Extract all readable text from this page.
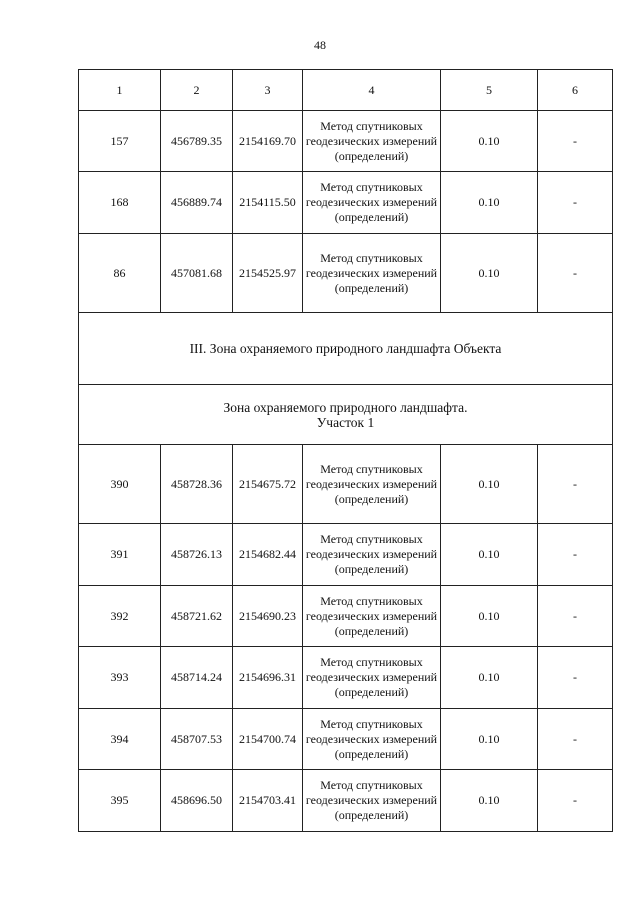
48
1	2	3	4	5	6
157	456789.35	2154169.70	Метод спутниковых геодезических измерений (определений)	0.10	-
168	456889.74	2154115.50	Метод спутниковых геодезических измерений (определений)	0.10	-
86	457081.68	2154525.97	Метод спутниковых геодезических измерений (определений)	0.10	-

III. Зона охраняемого природного ландшафта Объекта					

Зона охраняемого природного ландшафта.
Участок 1					

390	458728.36	2154675.72	Метод спутниковых геодезических измерений (определений)	0.10	-
391	458726.13	2154682.44	Метод спутниковых геодезических измерений (определений)	0.10	-
392	458721.62	2154690.23	Метод спутниковых геодезических измерений (определений)	0.10	-
393	458714.24	2154696.31	Метод спутниковых геодезических измерений (определений)	0.10	-
394	458707.53	2154700.74	Метод спутниковых геодезических измерений (определений)	0.10	-
395	458696.50	2154703.41	Метод спутниковых геодезических измерений (определений)	0.10	-
